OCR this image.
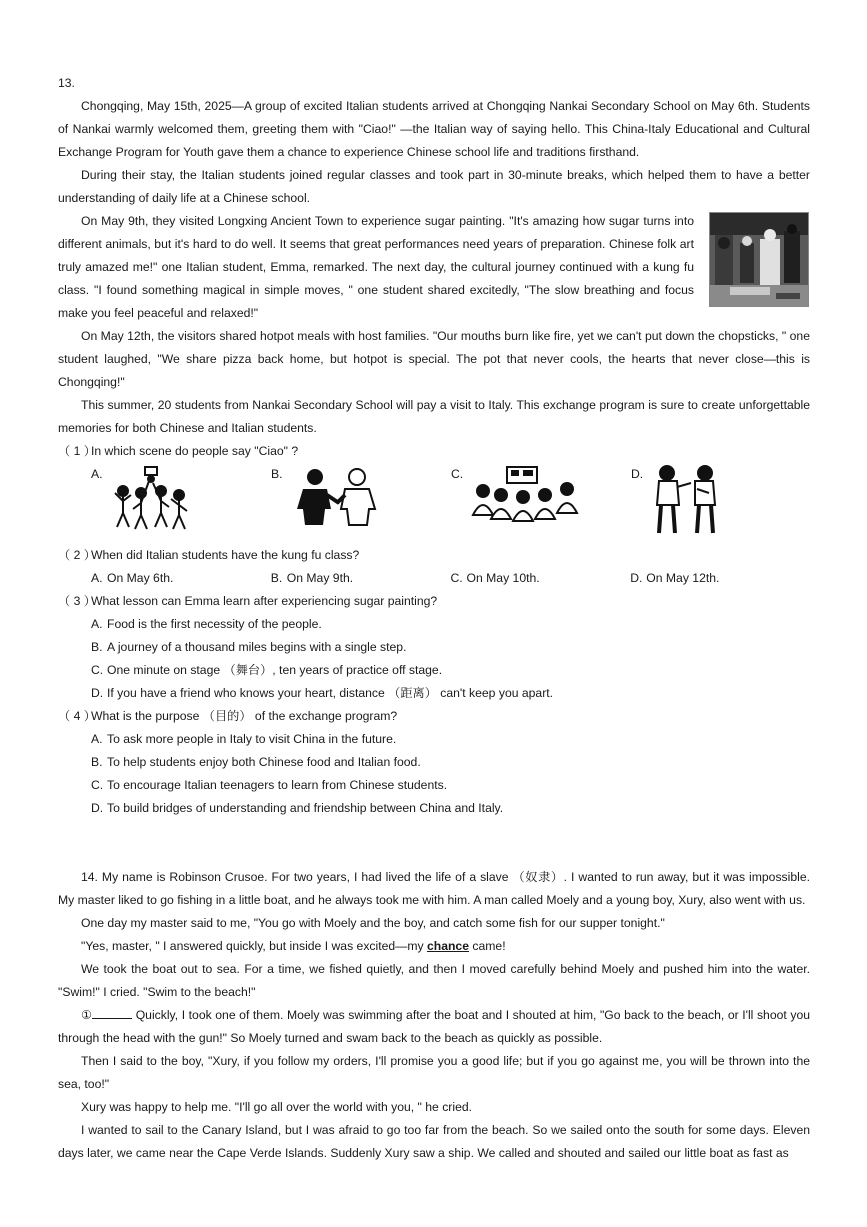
13.

Chongqing, May 15th, 2025—A group of excited Italian students arrived at Chongqing Nankai Secondary School on May 6th. Students of Nankai warmly welcomed them, greeting them with "Ciao!" —the Italian way of saying hello. This China-Italy Educational and Cultural Exchange Program for Youth gave them a chance to experience Chinese school life and traditions firsthand.

During their stay, the Italian students joined regular classes and took part in 30-minute breaks, which helped them to have a better understanding of daily life at a Chinese school.

On May 9th, they visited Longxing Ancient Town to experience sugar painting. "It's amazing how sugar turns into different animals, but it's hard to do well. It seems that great performances need years of preparation. Chinese folk art truly amazed me!" one Italian student, Emma, remarked. The next day, the cultural journey continued with a kung fu class. "I found something magical in simple moves, " one student shared excitedly, "The slow breathing and focus make you feel peaceful and relaxed!"

On May 12th, the visitors shared hotpot meals with host families. "Our mouths burn like fire, yet we can't put down the chopsticks, " one student laughed, "We share pizza back home, but hotpot is special. The pot that never cools, the hearts that never close—this is Chongqing!"

This summer, 20 students from Nankai Secondary School will pay a visit to Italy. This exchange program is sure to create unforgettable memories for both Chinese and Italian students.

（ 1 ）In which scene do people say "Ciao" ?
A.	B.	C.	D.
（ 2 ）When did Italian students have the kung fu class?
A. On May 6th.	B. On May 9th.	C. On May 10th.	D. On May 12th.
（ 3 ）What lesson can Emma learn after experiencing sugar painting?
A. Food is the first necessity of the people.
B. A journey of a thousand miles begins with a single step.
C. One minute on stage （舞台）, ten years of practice off stage.
D. If you have a friend who knows your heart, distance （距离） can't keep you apart.
（ 4 ）What is the purpose （目的） of the exchange program?
A. To ask more people in Italy to visit China in the future.
B. To help students enjoy both Chinese food and Italian food.
C. To encourage Italian teenagers to learn from Chinese students.
D. To build bridges of understanding and friendship between China and Italy.

14. My name is Robinson Crusoe. For two years, I had lived the life of a slave （奴隶）. I wanted to run away, but it was impossible. My master liked to go fishing in a little boat, and he always took me with him. A man called Moely and a young boy, Xury, also went with us.

One day my master said to me, "You go with Moely and the boy, and catch some fish for our supper tonight."

"Yes, master, " I answered quickly, but inside I was excited—my chance came!

We took the boat out to sea. For a time, we fished quietly, and then I moved carefully behind Moely and pushed him into the water. "Swim!" I cried. "Swim to the beach!"

①	Quickly, I took one of them. Moely was swimming after the boat and I shouted at him, "Go back to the beach, or I'll shoot you through the head with the gun!" So Moely turned and swam back to the beach as quickly as possible.

Then I said to the boy, "Xury, if you follow my orders, I'll promise you a good life; but if you go against me, you will be thrown into the sea, too!"

Xury was happy to help me. "I'll go all over the world with you, " he cried.

I wanted to sail to the Canary Island, but I was afraid to go too far from the beach. So we sailed onto the south for some days. Eleven days later, we came near the Cape Verde Islands. Suddenly Xury saw a ship. We called and shouted and sailed our little boat as fast as
